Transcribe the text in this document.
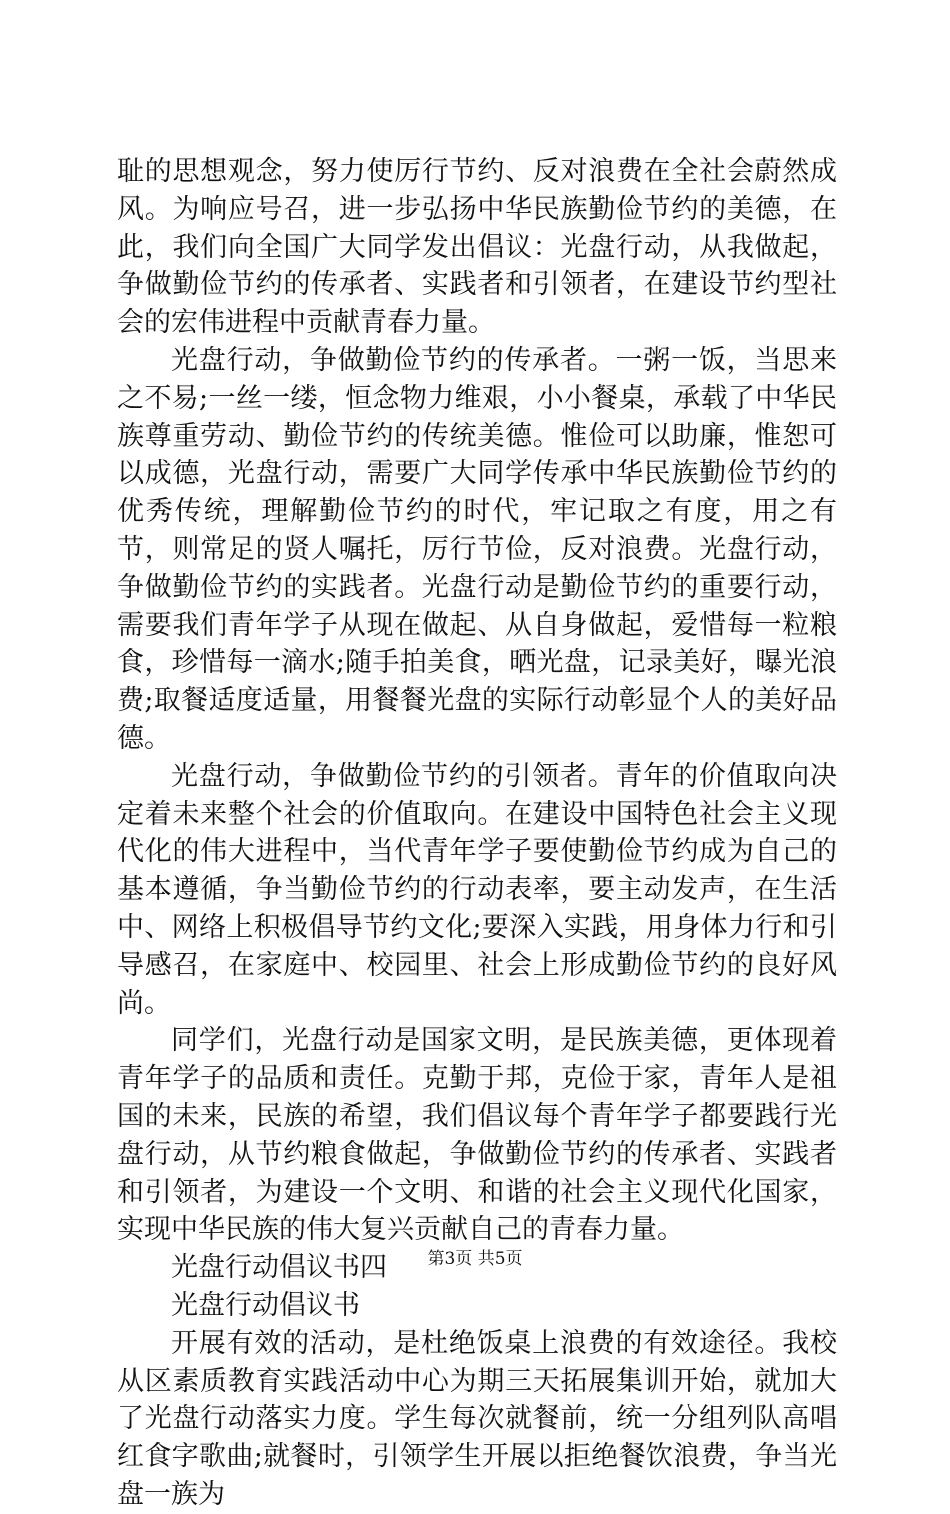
耻的思想观念，努力使厉行节约、反对浪费在全社会蔚然成风。为响应号召，进一步弘扬中华民族勤俭节约的美德，在此，我们向全国广大同学发出倡议：光盘行动，从我做起，争做勤俭节约的传承者、实践者和引领者，在建设节约型社会的宏伟进程中贡献青春力量。

光盘行动，争做勤俭节约的传承者。一粥一饭，当思来之不易;一丝一缕，恒念物力维艰，小小餐桌，承载了中华民族尊重劳动、勤俭节约的传统美德。惟俭可以助廉，惟恕可以成德，光盘行动，需要广大同学传承中华民族勤俭节约的优秀传统，理解勤俭节约的时代，牢记取之有度，用之有节，则常足的贤人嘱托，厉行节俭，反对浪费。光盘行动，争做勤俭节约的实践者。光盘行动是勤俭节约的重要行动，需要我们青年学子从现在做起、从自身做起，爱惜每一粒粮食，珍惜每一滴水;随手拍美食，晒光盘，记录美好，曝光浪费;取餐适度适量，用餐餐光盘的实际行动彰显个人的美好品德。

光盘行动，争做勤俭节约的引领者。青年的价值取向决定着未来整个社会的价值取向。在建设中国特色社会主义现代化的伟大进程中，当代青年学子要使勤俭节约成为自己的基本遵循，争当勤俭节约的行动表率，要主动发声，在生活中、网络上积极倡导节约文化;要深入实践，用身体力行和引导感召，在家庭中、校园里、社会上形成勤俭节约的良好风尚。

同学们，光盘行动是国家文明，是民族美德，更体现着青年学子的品质和责任。克勤于邦，克俭于家，青年人是祖国的未来，民族的希望，我们倡议每个青年学子都要践行光盘行动，从节约粮食做起，争做勤俭节约的传承者、实践者和引领者，为建设一个文明、和谐的社会主义现代化国家，实现中华民族的伟大复兴贡献自己的青春力量。

光盘行动倡议书四

光盘行动倡议书

开展有效的活动，是杜绝饭桌上浪费的有效途径。我校从区素质教育实践活动中心为期三天拓展集训开始，就加大了光盘行动落实力度。学生每次就餐前，统一分组列队高唱红食字歌曲;就餐时，引领学生开展以拒绝餐饮浪费，争当光盘一族为

第3页 共5页
